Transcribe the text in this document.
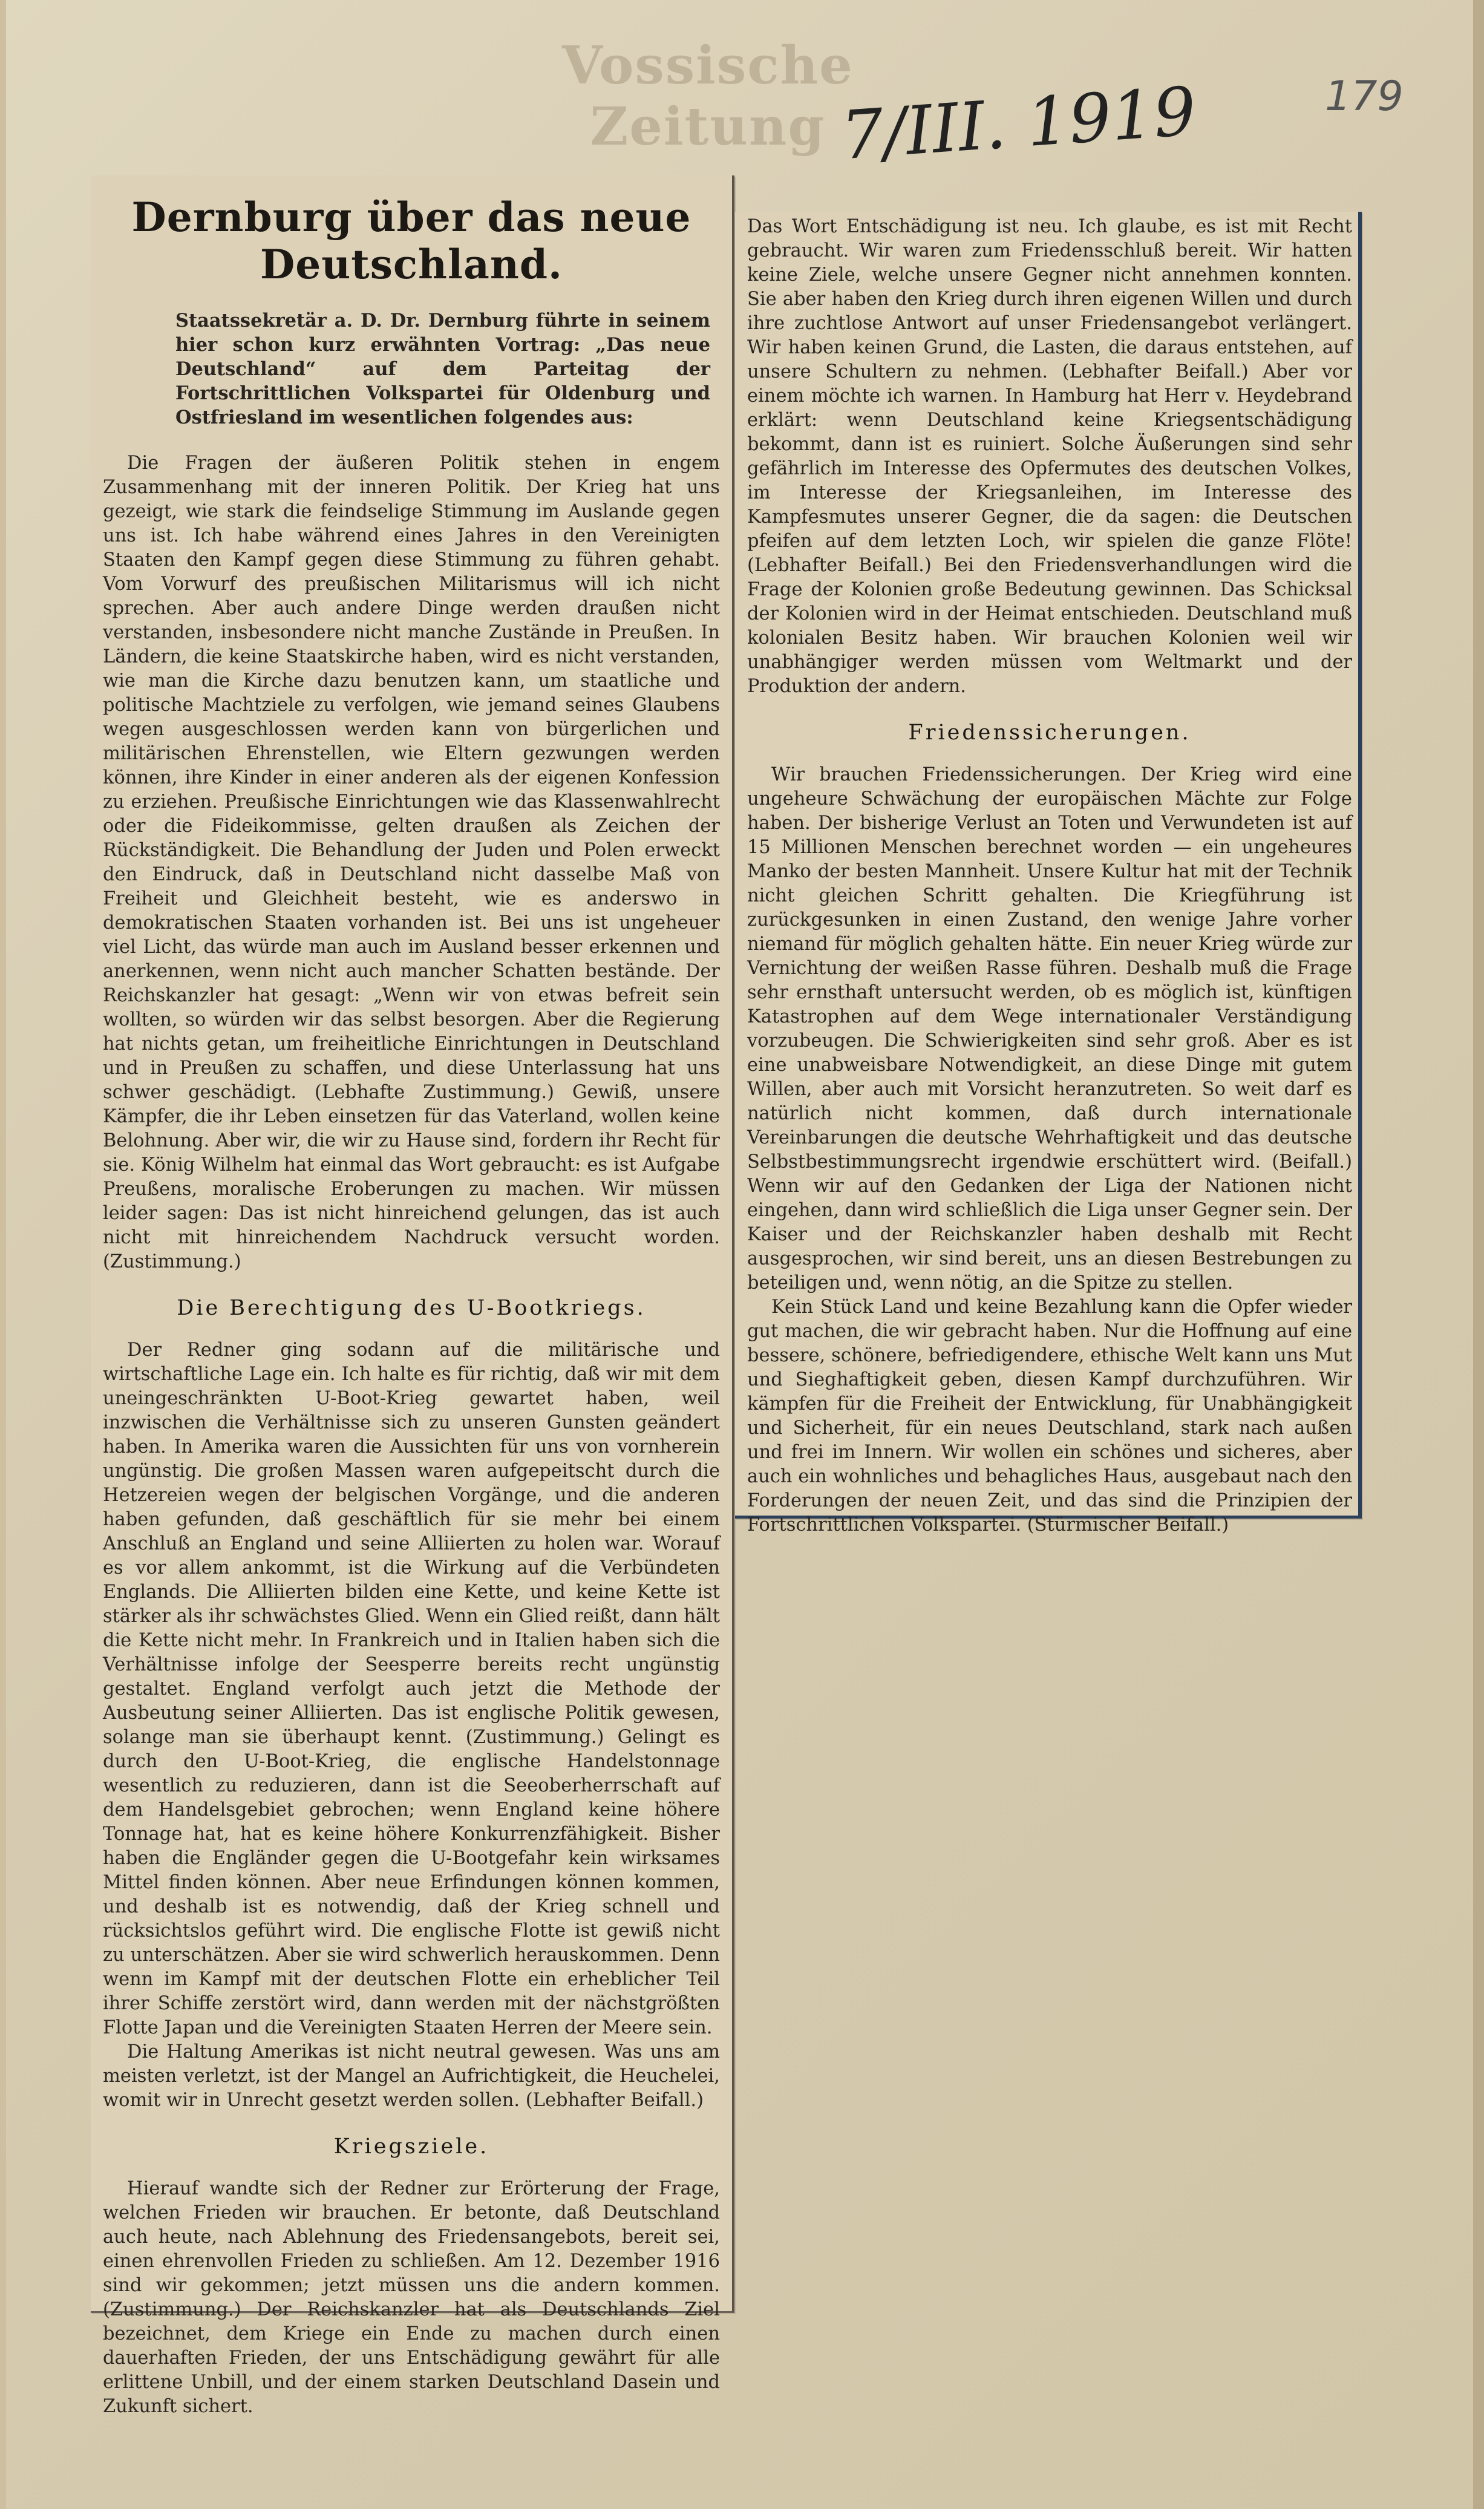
Vossische Zeitung 7/III. 1919	179
Dernburg über das neue Deutschland.

Staatssekretär a. D. Dr. Dernburg führte in seinem hier schon kurz erwähnten Vortrag: „Das neue Deutschland“ auf dem Parteitag der Fortschrittlichen Volkspartei für Oldenburg und Ostfriesland im wesentlichen folgendes aus:

Die Fragen der äußeren Politik stehen in engem Zusammenhang mit der inneren Politik. Der Krieg hat uns gezeigt, wie stark die feindselige Stimmung im Auslande gegen uns ist. Ich habe während eines Jahres in den Vereinigten Staaten den Kampf gegen diese Stimmung zu führen gehabt. Vom Vorwurf des preußischen Militarismus will ich nicht sprechen. Aber auch andere Dinge werden draußen nicht verstanden, insbesondere nicht manche Zustände in Preußen. In Ländern, die keine Staatskirche haben, wird es nicht verstanden, wie man die Kirche dazu benutzen kann, um staatliche und politische Machtziele zu verfolgen, wie jemand seines Glaubens wegen ausgeschlossen werden kann von bürgerlichen und militärischen Ehrenstellen, wie Eltern gezwungen werden können, ihre Kinder in einer anderen als der eigenen Konfession zu erziehen. Preußische Einrichtungen wie das Klassenwahlrecht oder die Fideikommisse, gelten draußen als Zeichen der Rückständigkeit. Die Behandlung der Juden und Polen erweckt den Eindruck, daß in Deutschland nicht dasselbe Maß von Freiheit und Gleichheit besteht, wie es anderswo in demokratischen Staaten vorhanden ist. Bei uns ist ungeheuer viel Licht, das würde man auch im Ausland besser erkennen und anerkennen, wenn nicht auch mancher Schatten bestände. Der Reichskanzler hat gesagt: „Wenn wir von etwas befreit sein wollten, so würden wir das selbst besorgen. Aber die Regierung hat nichts getan, um freiheitliche Einrichtungen in Deutschland und in Preußen zu schaffen, und diese Unterlassung hat uns schwer geschädigt. (Lebhafte Zustimmung.) Gewiß, unsere Kämpfer, die ihr Leben einsetzen für das Vaterland, wollen keine Belohnung. Aber wir, die wir zu Hause sind, fordern ihr Recht für sie. König Wilhelm hat einmal das Wort gebraucht: es ist Aufgabe Preußens, moralische Eroberungen zu machen. Wir müssen leider sagen: Das ist nicht hinreichend gelungen, das ist auch nicht mit hinreichendem Nachdruck versucht worden. (Zustimmung.)

Die Berechtigung des U-Bootkriegs.

Der Redner ging sodann auf die militärische und wirtschaftliche Lage ein. Ich halte es für richtig, daß wir mit dem uneingeschränkten U-Boot-Krieg gewartet haben, weil inzwischen die Verhältnisse sich zu unseren Gunsten geändert haben. In Amerika waren die Aussichten für uns von vornherein ungünstig. Die großen Massen waren aufgepeitscht durch die Hetzereien wegen der belgischen Vorgänge, und die anderen haben gefunden, daß geschäftlich für sie mehr bei einem Anschluß an England und seine Alliierten zu holen war. Worauf es vor allem ankommt, ist die Wirkung auf die Verbündeten Englands. Die Alliierten bilden eine Kette, und keine Kette ist stärker als ihr schwächstes Glied. Wenn ein Glied reißt, dann hält die Kette nicht mehr. In Frankreich und in Italien haben sich die Verhältnisse infolge der Seesperre bereits recht ungünstig gestaltet. England verfolgt auch jetzt die Methode der Ausbeutung seiner Alliierten. Das ist englische Politik gewesen, solange man sie überhaupt kennt. (Zustimmung.) Gelingt es durch den U-Boot-Krieg, die englische Handelstonnage wesentlich zu reduzieren, dann ist die Seeoberherrschaft auf dem Handelsgebiet gebrochen; wenn England keine höhere Tonnage hat, hat es keine höhere Konkurrenzfähigkeit. Bisher haben die Engländer gegen die U-Bootgefahr kein wirksames Mittel finden können. Aber neue Erfindungen können kommen, und deshalb ist es notwendig, daß der Krieg schnell und rücksichtslos geführt wird. Die englische Flotte ist gewiß nicht zu unterschätzen. Aber sie wird schwerlich herauskommen. Denn wenn im Kampf mit der deutschen Flotte ein erheblicher Teil ihrer Schiffe zerstört wird, dann werden mit der nächstgrößten Flotte Japan und die Vereinigten Staaten Herren der Meere sein.

Die Haltung Amerikas ist nicht neutral gewesen. Was uns am meisten verletzt, ist der Mangel an Aufrichtigkeit, die Heuchelei, womit wir in Unrecht gesetzt werden sollen. (Lebhafter Beifall.)

Kriegsziele.

Hierauf wandte sich der Redner zur Erörterung der Frage, welchen Frieden wir brauchen. Er betonte, daß Deutschland auch heute, nach Ablehnung des Friedensangebots, bereit sei, einen ehrenvollen Frieden zu schließen. Am 12. Dezember 1916 sind wir gekommen; jetzt müssen uns die andern kommen. (Zustimmung.) Der Reichskanzler hat als Deutschlands Ziel bezeichnet, dem Kriege ein Ende zu machen durch einen dauerhaften Frieden, der uns Entschädigung gewährt für alle erlittene Unbill, und der einem starken Deutschland Dasein und Zukunft sichert.

Das Wort Entschädigung ist neu. Ich glaube, es ist mit Recht gebraucht. Wir waren zum Friedensschluß bereit. Wir hatten keine Ziele, welche unsere Gegner nicht annehmen konnten. Sie aber haben den Krieg durch ihren eigenen Willen und durch ihre zuchtlose Antwort auf unser Friedensangebot verlängert. Wir haben keinen Grund, die Lasten, die daraus entstehen, auf unsere Schultern zu nehmen. (Lebhafter Beifall.) Aber vor einem möchte ich warnen. In Hamburg hat Herr v. Heydebrand erklärt: wenn Deutschland keine Kriegsentschädigung bekommt, dann ist es ruiniert. Solche Äußerungen sind sehr gefährlich im Interesse des Opfermutes des deutschen Volkes, im Interesse der Kriegsanleihen, im Interesse des Kampfesmutes unserer Gegner, die da sagen: die Deutschen pfeifen auf dem letzten Loch, wir spielen die ganze Flöte! (Lebhafter Beifall.) Bei den Friedensverhandlungen wird die Frage der Kolonien große Bedeutung gewinnen. Das Schicksal der Kolonien wird in der Heimat entschieden. Deutschland muß kolonialen Besitz haben. Wir brauchen Kolonien weil wir unabhängiger werden müssen vom Weltmarkt und der Produktion der andern.

Friedenssicherungen.

Wir brauchen Friedenssicherungen. Der Krieg wird eine ungeheure Schwächung der europäischen Mächte zur Folge haben. Der bisherige Verlust an Toten und Verwundeten ist auf 15 Millionen Menschen berechnet worden — ein ungeheures Manko der besten Mannheit. Unsere Kultur hat mit der Technik nicht gleichen Schritt gehalten. Die Kriegführung ist zurückgesunken in einen Zustand, den wenige Jahre vorher niemand für möglich gehalten hätte. Ein neuer Krieg würde zur Vernichtung der weißen Rasse führen. Deshalb muß die Frage sehr ernsthaft untersucht werden, ob es möglich ist, künftigen Katastrophen auf dem Wege internationaler Verständigung vorzubeugen. Die Schwierigkeiten sind sehr groß. Aber es ist eine unabweisbare Notwendigkeit, an diese Dinge mit gutem Willen, aber auch mit Vorsicht heranzutreten. So weit darf es natürlich nicht kommen, daß durch internationale Vereinbarungen die deutsche Wehrhaftigkeit und das deutsche Selbstbestimmungsrecht irgendwie erschüttert wird. (Beifall.) Wenn wir auf den Gedanken der Liga der Nationen nicht eingehen, dann wird schließlich die Liga unser Gegner sein. Der Kaiser und der Reichskanzler haben deshalb mit Recht ausgesprochen, wir sind bereit, uns an diesen Bestrebungen zu beteiligen und, wenn nötig, an die Spitze zu stellen.

Kein Stück Land und keine Bezahlung kann die Opfer wieder gut machen, die wir gebracht haben. Nur die Hoffnung auf eine bessere, schönere, befriedigendere, ethische Welt kann uns Mut und Sieghaftigkeit geben, diesen Kampf durchzuführen. Wir kämpfen für die Freiheit der Entwicklung, für Unabhängigkeit und Sicherheit, für ein neues Deutschland, stark nach außen und frei im Innern. Wir wollen ein schönes und sicheres, aber auch ein wohnliches und behagliches Haus, ausgebaut nach den Forderungen der neuen Zeit, und das sind die Prinzipien der Fortschrittlichen Volkspartei. (Stürmischer Beifall.)
